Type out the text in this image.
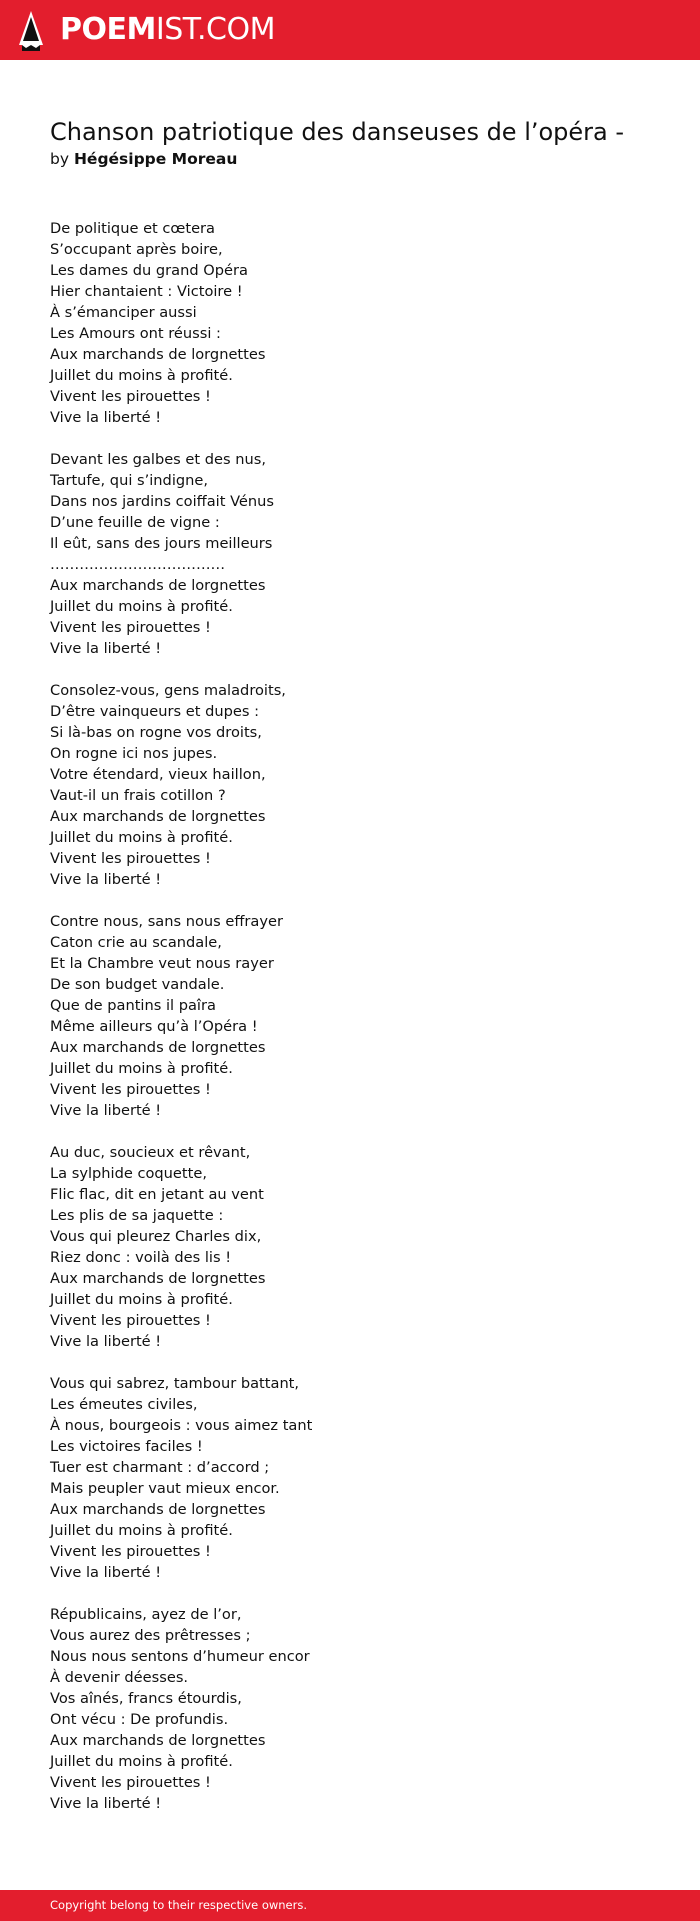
POEMIST.COM
Chanson patriotique des danseuses de l’opéra -

by Hégésippe Moreau

De politique et cœtera
S’occupant après boire,
Les dames du grand Opéra
Hier chantaient : Victoire !
À s’émanciper aussi
Les Amours ont réussi :
Aux marchands de lorgnettes
Juillet du moins à profité.
Vivent les pirouettes !
Vive la liberté !
Devant les galbes et des nus,
Tartufe, qui s’indigne,
Dans nos jardins coiffait Vénus
D’une feuille de vigne :
Il eût, sans des jours meilleurs
………………………………
Aux marchands de lorgnettes
Juillet du moins à profité.
Vivent les pirouettes !
Vive la liberté !
Consolez-vous, gens maladroits,
D’être vainqueurs et dupes :
Si là-bas on rogne vos droits,
On rogne ici nos jupes.
Votre étendard, vieux haillon,
Vaut-il un frais cotillon ?
Aux marchands de lorgnettes
Juillet du moins à profité.
Vivent les pirouettes !
Vive la liberté !
Contre nous, sans nous effrayer
Caton crie au scandale,
Et la Chambre veut nous rayer
De son budget vandale.
Que de pantins il paîra
Même ailleurs qu’à l’Opéra !
Aux marchands de lorgnettes
Juillet du moins à profité.
Vivent les pirouettes !
Vive la liberté !
Au duc, soucieux et rêvant,
La sylphide coquette,
Flic flac, dit en jetant au vent
Les plis de sa jaquette :
Vous qui pleurez Charles dix,
Riez donc : voilà des lis !
Aux marchands de lorgnettes
Juillet du moins à profité.
Vivent les pirouettes !
Vive la liberté !
Vous qui sabrez, tambour battant,
Les émeutes civiles,
À nous, bourgeois : vous aimez tant
Les victoires faciles !
Tuer est charmant : d’accord ;
Mais peupler vaut mieux encor.
Aux marchands de lorgnettes
Juillet du moins à profité.
Vivent les pirouettes !
Vive la liberté !
Républicains, ayez de l’or,
Vous aurez des prêtresses ;
Nous nous sentons d’humeur encor
À devenir déesses.
Vos aînés, francs étourdis,
Ont vécu : De profundis.
Aux marchands de lorgnettes
Juillet du moins à profité.
Vivent les pirouettes !
Vive la liberté !
Copyright belong to their respective owners.
